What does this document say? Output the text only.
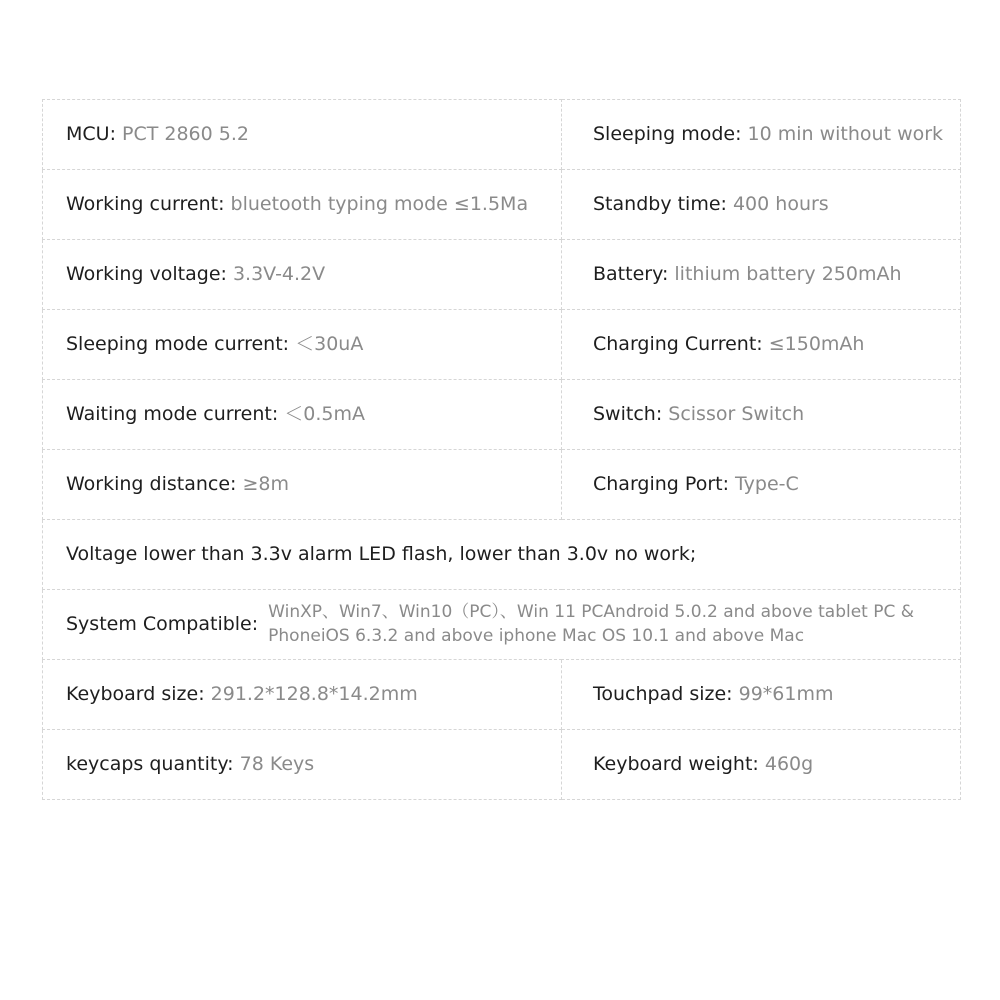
MCU: PCT 2860 5.2	Sleeping mode: 10 min without work
Working current: bluetooth typing mode ≤1.5Ma	Standby time: 400 hours
Working voltage: 3.3V-4.2V	Battery: lithium battery 250mAh
Sleeping mode current: ＜30uA	Charging Current: ≤150mAh
Waiting mode current: ＜0.5mA	Switch: Scissor Switch
Working distance: ≥8m	Charging Port: Type-C
Voltage lower than 3.3v alarm LED flash, lower than 3.0v no work;	

System Compatible:
WinXP、Win7、Win10（PC）、Win 11 PCAndroid 5.0.2 and above tablet PC & PhoneiOS 6.3.2 and above iphone Mac OS 10.1 and above Mac	

Keyboard size: 291.2*128.8*14.2mm	Touchpad size: 99*61mm
keycaps quantity: 78 Keys	Keyboard weight: 460g
